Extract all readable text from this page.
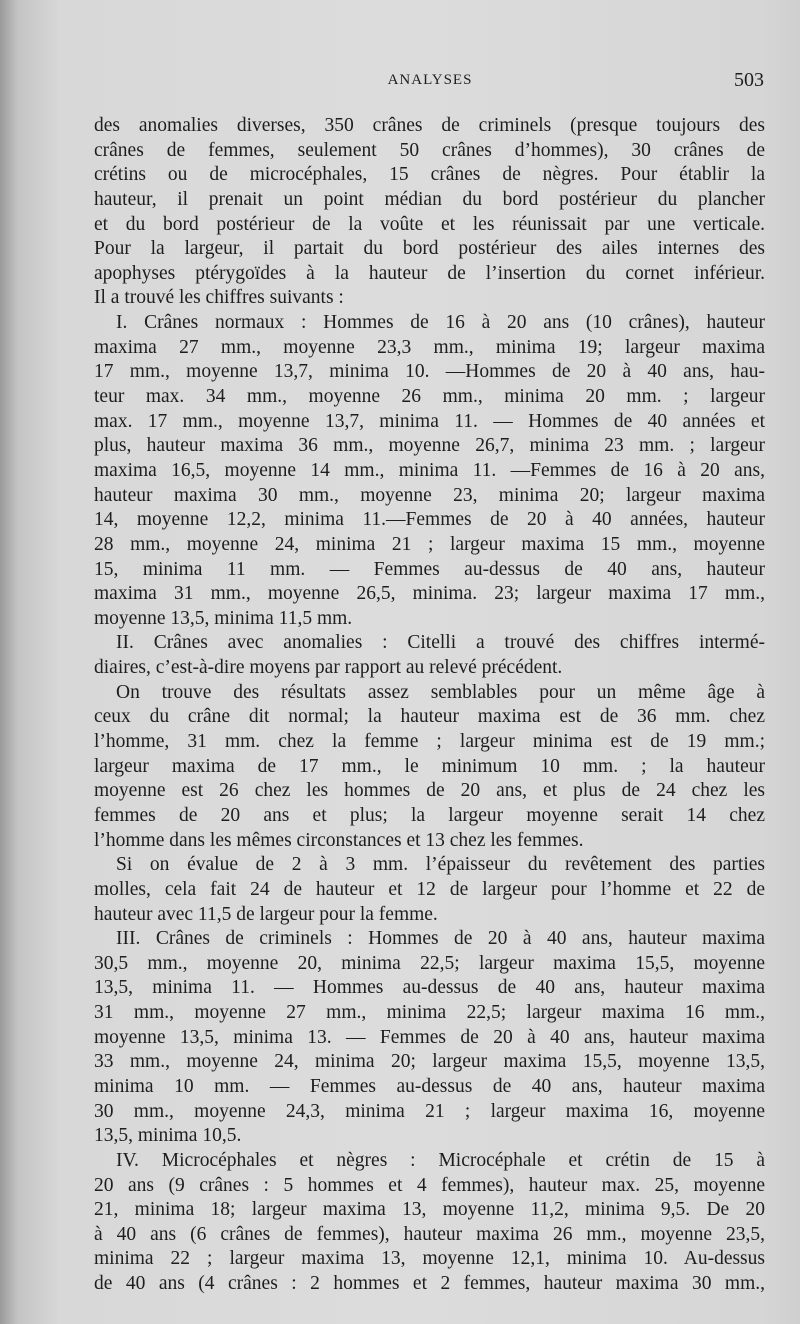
ANALYSES	503
des anomalies diverses, 350 crânes de criminels (presque toujours des
crânes de femmes, seulement 50 crânes d’hommes), 30 crânes de
crétins ou de microcéphales, 15 crânes de nègres. Pour établir la
hauteur, il prenait un point médian du bord postérieur du plancher
et du bord postérieur de la voûte et les réunissait par une verticale.
Pour la largeur, il partait du bord postérieur des ailes internes des
apophyses ptérygoïdes à la hauteur de l’insertion du cornet inférieur.
Il a trouvé les chiffres suivants :
I. Crânes normaux : Hommes de 16 à 20 ans (10 crânes), hauteur
maxima 27 mm., moyenne 23,3 mm., minima 19; largeur maxima
17 mm., moyenne 13,7, minima 10. —Hommes de 20 à 40 ans, hau-
teur max. 34 mm., moyenne 26 mm., minima 20 mm. ; largeur
max. 17 mm., moyenne 13,7, minima 11. — Hommes de 40 années et
plus, hauteur maxima 36 mm., moyenne 26,7, minima 23 mm. ; largeur
maxima 16,5, moyenne 14 mm., minima 11. —Femmes de 16 à 20 ans,
hauteur maxima 30 mm., moyenne 23, minima 20; largeur maxima
14, moyenne 12,2, minima 11.—Femmes de 20 à 40 années, hauteur
28 mm., moyenne 24, minima 21 ; largeur maxima 15 mm., moyenne
15, minima 11 mm. — Femmes au-dessus de 40 ans, hauteur
maxima 31 mm., moyenne 26,5, minima. 23; largeur maxima 17 mm.,
moyenne 13,5, minima 11,5 mm.
II. Crânes avec anomalies : Citelli a trouvé des chiffres intermé-
diaires, c’est-à-dire moyens par rapport au relevé précédent.
On trouve des résultats assez semblables pour un même âge à
ceux du crâne dit normal; la hauteur maxima est de 36 mm. chez
l’homme, 31 mm. chez la femme ; largeur minima est de 19 mm.;
largeur maxima de 17 mm., le minimum 10 mm. ; la hauteur
moyenne est 26 chez les hommes de 20 ans, et plus de 24 chez les
femmes de 20 ans et plus; la largeur moyenne serait 14 chez
l’homme dans les mêmes circonstances et 13 chez les femmes.
Si on évalue de 2 à 3 mm. l’épaisseur du revêtement des parties
molles, cela fait 24 de hauteur et 12 de largeur pour l’homme et 22 de
hauteur avec 11,5 de largeur pour la femme.
III. Crânes de criminels : Hommes de 20 à 40 ans, hauteur maxima
30,5 mm., moyenne 20, minima 22,5; largeur maxima 15,5, moyenne
13,5, minima 11. — Hommes au-dessus de 40 ans, hauteur maxima
31 mm., moyenne 27 mm., minima 22,5; largeur maxima 16 mm.,
moyenne 13,5, minima 13. — Femmes de 20 à 40 ans, hauteur maxima
33 mm., moyenne 24, minima 20; largeur maxima 15,5, moyenne 13,5,
minima 10 mm. — Femmes au-dessus de 40 ans, hauteur maxima
30 mm., moyenne 24,3, minima 21 ; largeur maxima 16, moyenne
13,5, minima 10,5.
IV. Microcéphales et nègres : Microcéphale et crétin de 15 à
20 ans (9 crânes : 5 hommes et 4 femmes), hauteur max. 25, moyenne
21, minima 18; largeur maxima 13, moyenne 11,2, minima 9,5. De 20
à 40 ans (6 crânes de femmes), hauteur maxima 26 mm., moyenne 23,5,
minima 22 ; largeur maxima 13, moyenne 12,1, minima 10. Au-dessus
de 40 ans (4 crânes : 2 hommes et 2 femmes, hauteur maxima 30 mm.,
